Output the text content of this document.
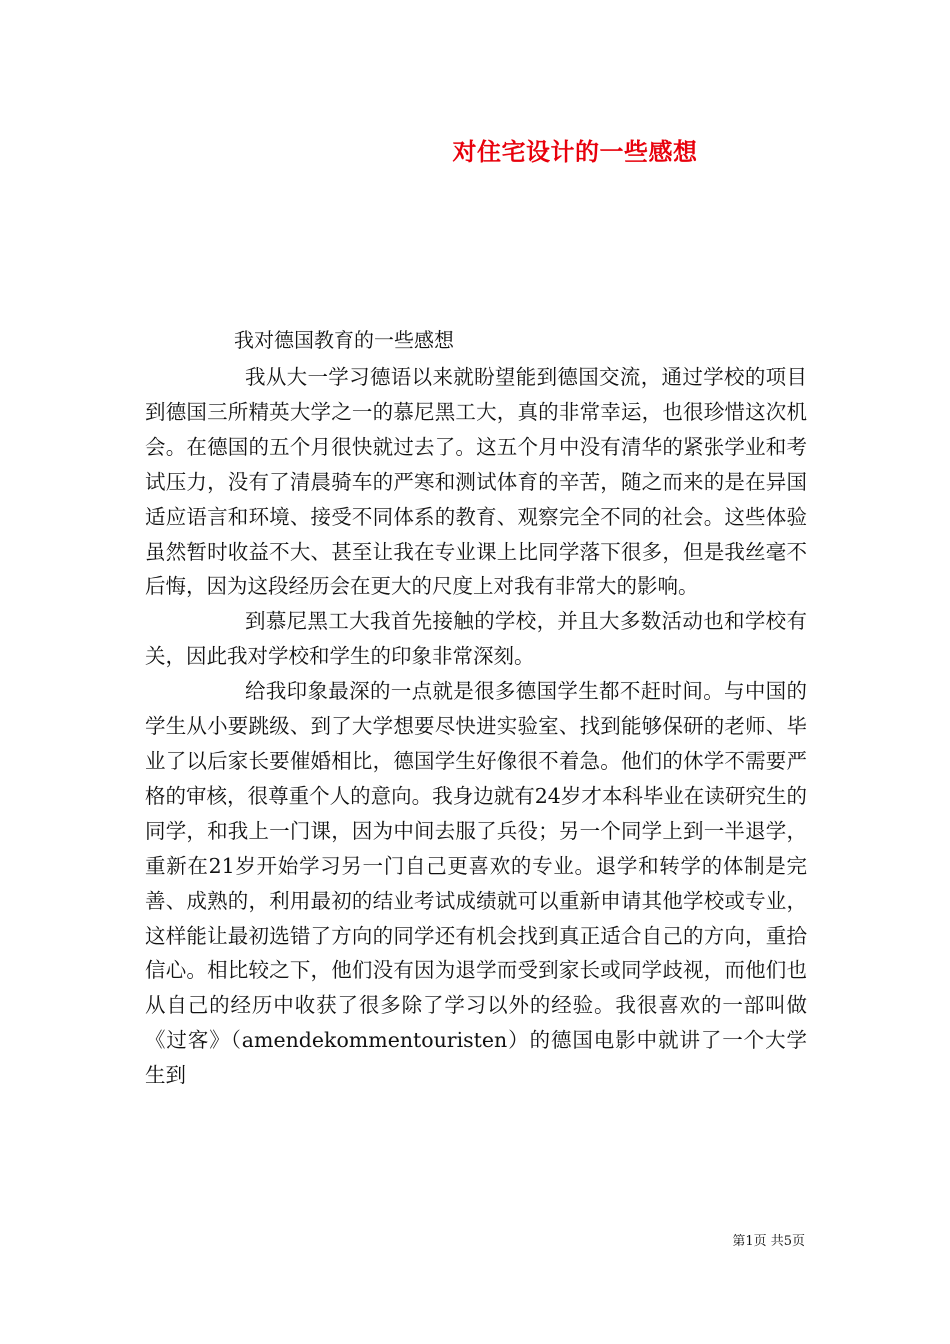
对住宅设计的一些感想
我对德国教育的一些感想

我从大一学习德语以来就盼望能到德国交流，通过学校的项目到德国三所精英大学之一的慕尼黑工大，真的非常幸运，也很珍惜这次机会。在德国的五个月很快就过去了。这五个月中没有清华的紧张学业和考试压力，没有了清晨骑车的严寒和测试体育的辛苦，随之而来的是在异国适应语言和环境、接受不同体系的教育、观察完全不同的社会。这些体验虽然暂时收益不大、甚至让我在专业课上比同学落下很多，但是我丝毫不后悔，因为这段经历会在更大的尺度上对我有非常大的影响。

到慕尼黑工大我首先接触的学校，并且大多数活动也和学校有关，因此我对学校和学生的印象非常深刻。

给我印象最深的一点就是很多德国学生都不赶时间。与中国的学生从小要跳级、到了大学想要尽快进实验室、找到能够保研的老师、毕业了以后家长要催婚相比，德国学生好像很不着急。他们的休学不需要严格的审核，很尊重个人的意向。我身边就有24岁才本科毕业在读研究生的同学，和我上一门课，因为中间去服了兵役；另一个同学上到一半退学，重新在21岁开始学习另一门自己更喜欢的专业。退学和转学的体制是完善、成熟的，利用最初的结业考试成绩就可以重新申请其他学校或专业，这样能让最初选错了方向的同学还有机会找到真正适合自己的方向，重拾信心。相比较之下，他们没有因为退学而受到家长或同学歧视，而他们也从自己的经历中收获了很多除了学习以外的经验。我很喜欢的一部叫做《过客》（amendekommentouristen）的德国电影中就讲了一个大学生到

第1页 共5页
